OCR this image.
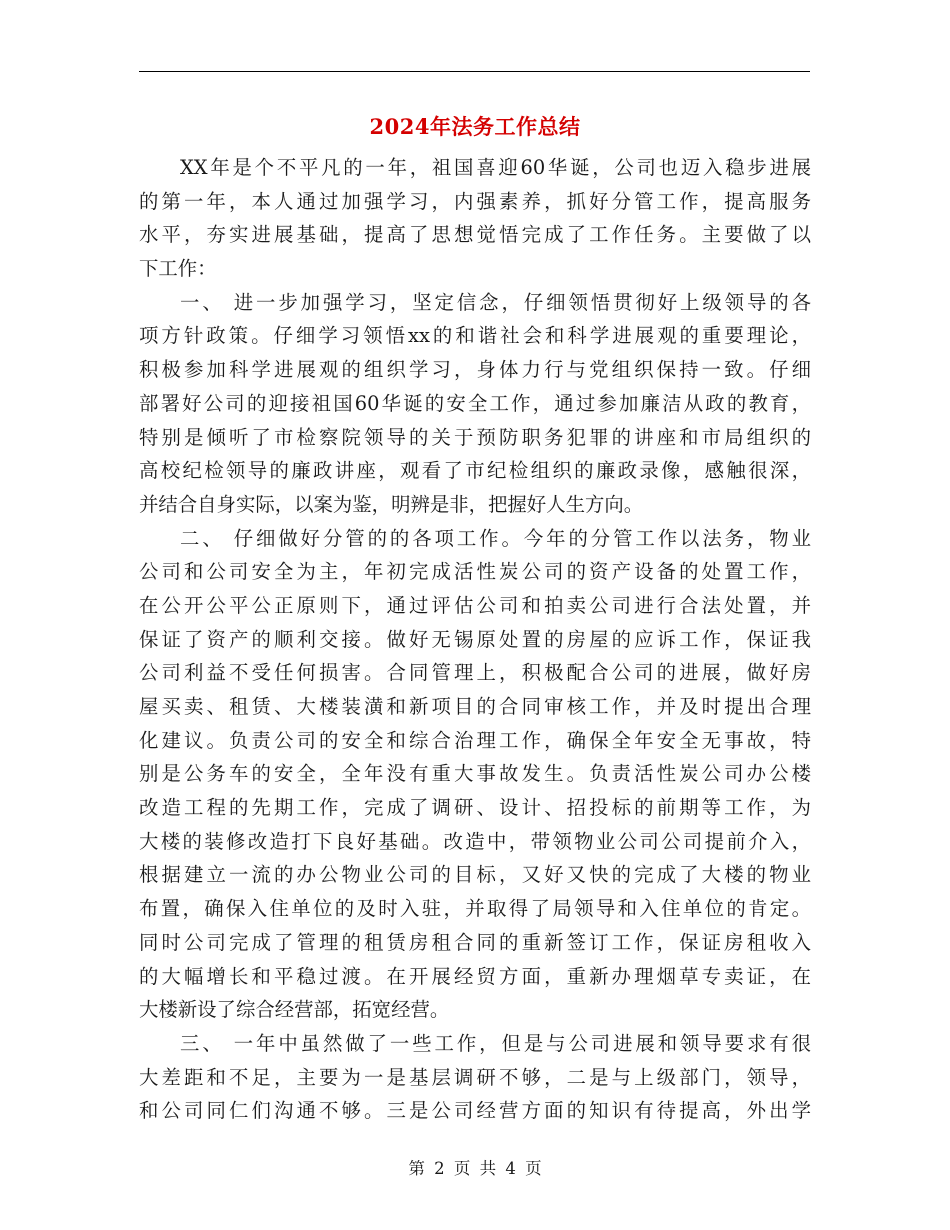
2024年法务工作总结
XX年是个不平凡的一年，祖国喜迎60华诞，公司也迈入稳步进展
的第一年，本人通过加强学习，内强素养，抓好分管工作，提高服务
水平，夯实进展基础，提高了思想觉悟完成了工作任务。主要做了以
下工作：
一、 进一步加强学习，坚定信念，仔细领悟贯彻好上级领导的各
项方针政策。仔细学习领悟xx的和谐社会和科学进展观的重要理论，
积极参加科学进展观的组织学习，身体力行与党组织保持一致。仔细
部署好公司的迎接祖国60华诞的安全工作，通过参加廉洁从政的教育，
特别是倾听了市检察院领导的关于预防职务犯罪的讲座和市局组织的
高校纪检领导的廉政讲座，观看了市纪检组织的廉政录像，感触很深，
并结合自身实际，以案为鉴，明辨是非，把握好人生方向。
二、 仔细做好分管的的各项工作。今年的分管工作以法务，物业
公司和公司安全为主，年初完成活性炭公司的资产设备的处置工作，
在公开公平公正原则下，通过评估公司和拍卖公司进行合法处置，并
保证了资产的顺利交接。做好无锡原处置的房屋的应诉工作，保证我
公司利益不受任何损害。合同管理上，积极配合公司的进展，做好房
屋买卖、租赁、大楼装潢和新项目的合同审核工作，并及时提出合理
化建议。负责公司的安全和综合治理工作，确保全年安全无事故，特
别是公务车的安全，全年没有重大事故发生。负责活性炭公司办公楼
改造工程的先期工作，完成了调研、设计、招投标的前期等工作，为
大楼的装修改造打下良好基础。改造中，带领物业公司公司提前介入，
根据建立一流的办公物业公司的目标，又好又快的完成了大楼的物业
布置，确保入住单位的及时入驻，并取得了局领导和入住单位的肯定。
同时公司完成了管理的租赁房租合同的重新签订工作，保证房租收入
的大幅增长和平稳过渡。在开展经贸方面，重新办理烟草专卖证，在
大楼新设了综合经营部，拓宽经营。
三、 一年中虽然做了一些工作，但是与公司进展和领导要求有很
大差距和不足，主要为一是基层调研不够，二是与上级部门，领导，
和公司同仁们沟通不够。三是公司经营方面的知识有待提高，外出学
第 2 页 共 4 页
